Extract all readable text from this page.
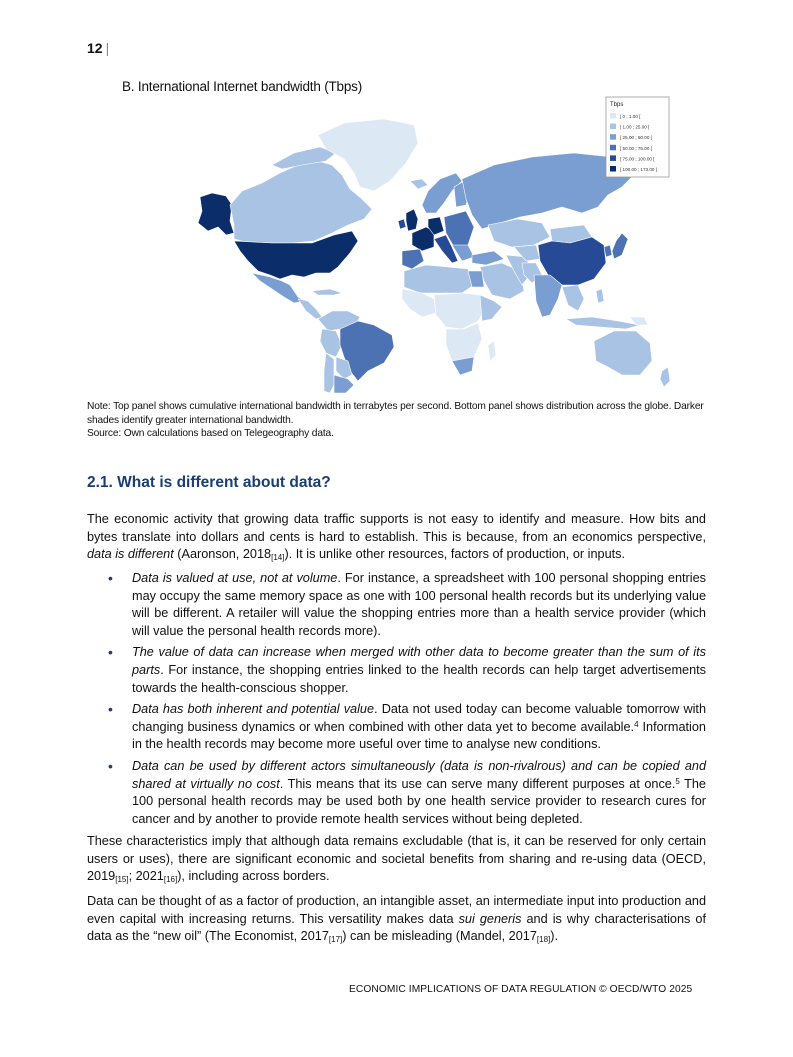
12 |
B. International Internet bandwidth (Tbps)
Tbps
[ 0 ; 1.00 [
[ 1.00 ; 25.00 [
[ 25.00 ; 50.00 [
[ 50.00 ; 75.00 [
[ 75.00 ; 100.00 [
[ 100.00 ; 173.00 ]
Note: Top panel shows cumulative international bandwidth in terrabytes per second. Bottom panel shows distribution across the globe. Darker shades identify greater international bandwidth.
Source: Own calculations based on Telegeography data.
2.1. What is different about data?

The economic activity that growing data traffic supports is not easy to identify and measure. How bits and bytes translate into dollars and cents is hard to establish. This is because, from an economics perspective, data is different (Aaronson, $2018_{[14]}$). It is unlike other resources, factors of production, or inputs.

• Data is valued at use, not at volume. For instance, a spreadsheet with 100 personal shopping entries may occupy the same memory space as one with 100 personal health records but its underlying value will be different. A retailer will value the shopping entries more than a health service provider (which will value the personal health records more).
• The value of data can increase when merged with other data to become greater than the sum of its parts. For instance, the shopping entries linked to the health records can help target advertisements towards the health-conscious shopper.
• Data has both inherent and potential value. Data not used today can become valuable tomorrow with changing business dynamics or when combined with other data yet to become available.$^4$ Information in the health records may become more useful over time to analyse new conditions.
• Data can be used by different actors simultaneously (data is non-rivalrous) and can be copied and shared at virtually no cost. This means that its use can serve many different purposes at once.$^5$ The 100 personal health records may be used both by one health service provider to research cures for cancer and by another to provide remote health services without being depleted.

These characteristics imply that although data remains excludable (that is, it can be reserved for only certain users or uses), there are significant economic and societal benefits from sharing and re-using data (OECD, $2019_{[15]}$; $2021_{[16]}$), including across borders.

Data can be thought of as a factor of production, an intangible asset, an intermediate input into production and even capital with increasing returns. This versatility makes data sui generis and is why characterisations of data as the “new oil” (The Economist, $2017_{[17]}$) can be misleading (Mandel, $2017_{[18]}$).

ECONOMIC IMPLICATIONS OF DATA REGULATION © OECD/WTO 2025
